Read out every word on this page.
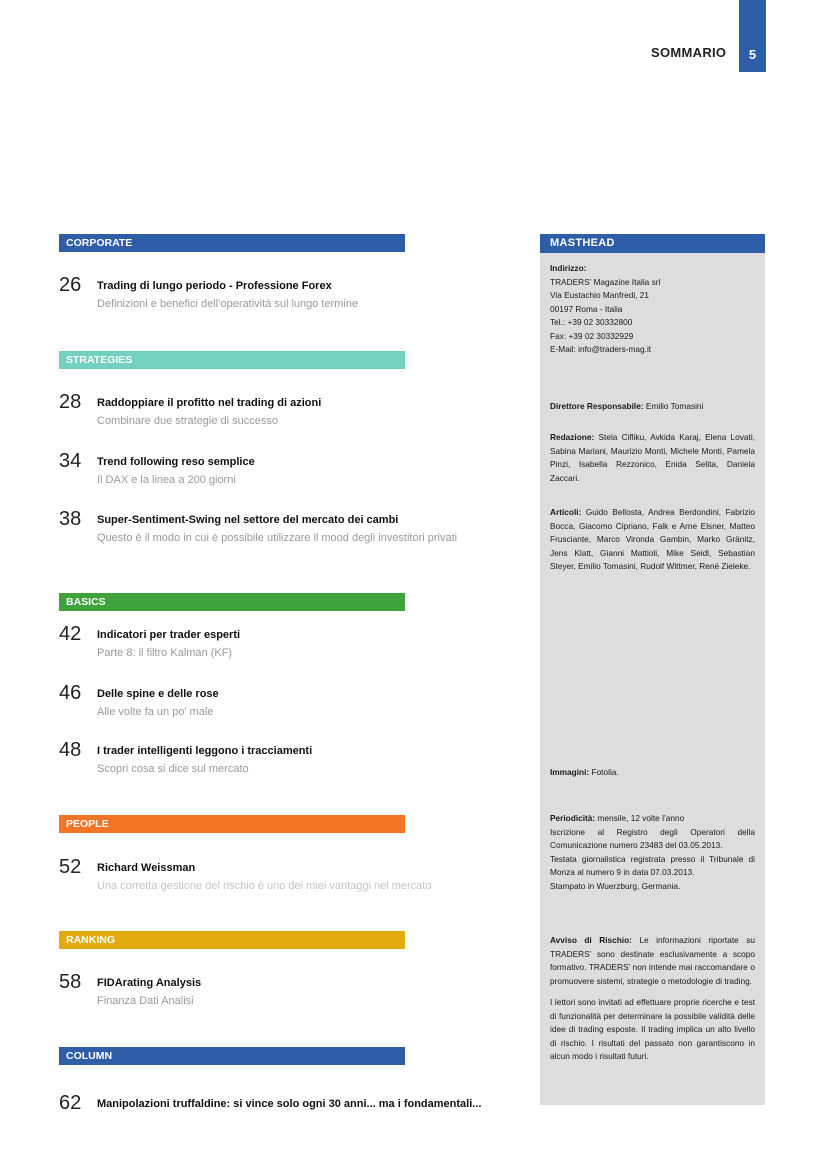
SOMMARIO 5
CORPORATE
26 Trading di lungo periodo - Professione Forex
Definizioni e benefici dell’operatività sul lungo termine
STRATEGIES
28 Raddoppiare il profitto nel trading di azioni
Combinare due strategie di successo
34 Trend following reso semplice
Il DAX e la linea a 200 giorni
38 Super-Sentiment-Swing nel settore del mercato dei cambi
Questo è il modo in cui è possibile utilizzare il mood degli investitori privati
BASICS
42 Indicatori per trader esperti
Parte 8: il filtro Kalman (KF)
46 Delle spine e delle rose
Alle volte fa un po’ male
48 I trader intelligenti leggono i tracciamenti
Scopri cosa si dice sul mercato
PEOPLE
52 Richard Weissman
Una corretta gestione del rischio è uno dei miei vantaggi nel mercato
RANKING
58 FIDArating Analysis
Finanza Dati Analisi
COLUMN
62 Manipolazioni truffaldine: si vince solo ogni 30 anni... ma i fondamentali...
MASTHEAD

Indirizzo:

TRADERS’ Magazine Italia srl

Via Eustachio Manfredi, 21

00197 Roma - Italia

Tel.: +39 02 30332800

Fax: +39 02 30332929

E-Mail: info@traders-mag.it

Direttore Responsabile: Emilio Tomasini

Redazione: Stela Cifliku, Avkida Karaj, Elena Lovati, Sabina Mariani, Maurizio Monti, Michele Monti, Pamela Pinzi, Isabella Rezzonico, Enida Selita, Daniela Zaccari.

Articoli: Guido Bellosta, Andrea Berdondini, Fabrizio Bocca, Giacomo Cipriano, Falk e Arne Elsner, Matteo Frusciante, Marco Vironda Gambin, Marko Gränitz, Jens Klatt, Gianni Mattioli, Mike Seidl, Sebastian Steyer, Emilio Tomasini, Rudolf Wittmer, René Zieleke.

Immagini: Fotolia.

Periodicità: mensile, 12 volte l’anno

Iscrizione al Registro degli Operatori della Comunicazione numero 23483 del 03.05.2013.

Testata giornalistica registrata presso il Tribunale di Monza al numero 9 in data 07.03.2013.

Stampato in Wuerzburg, Germania.

Avviso di Rischio: Le informazioni riportate su TRADERS’ sono destinate esclusivamente a scopo formativo. TRADERS’ non intende mai raccomandare o promuovere sistemi, strategie o metodologie di trading.

I lettori sono invitati ad effettuare proprie ricerche e test di funzionalità per determinare la possibile validità delle idee di trading esposte. Il trading implica un alto livello di rischio. I risultati del passato non garantiscono in alcun modo i risultati futuri.
